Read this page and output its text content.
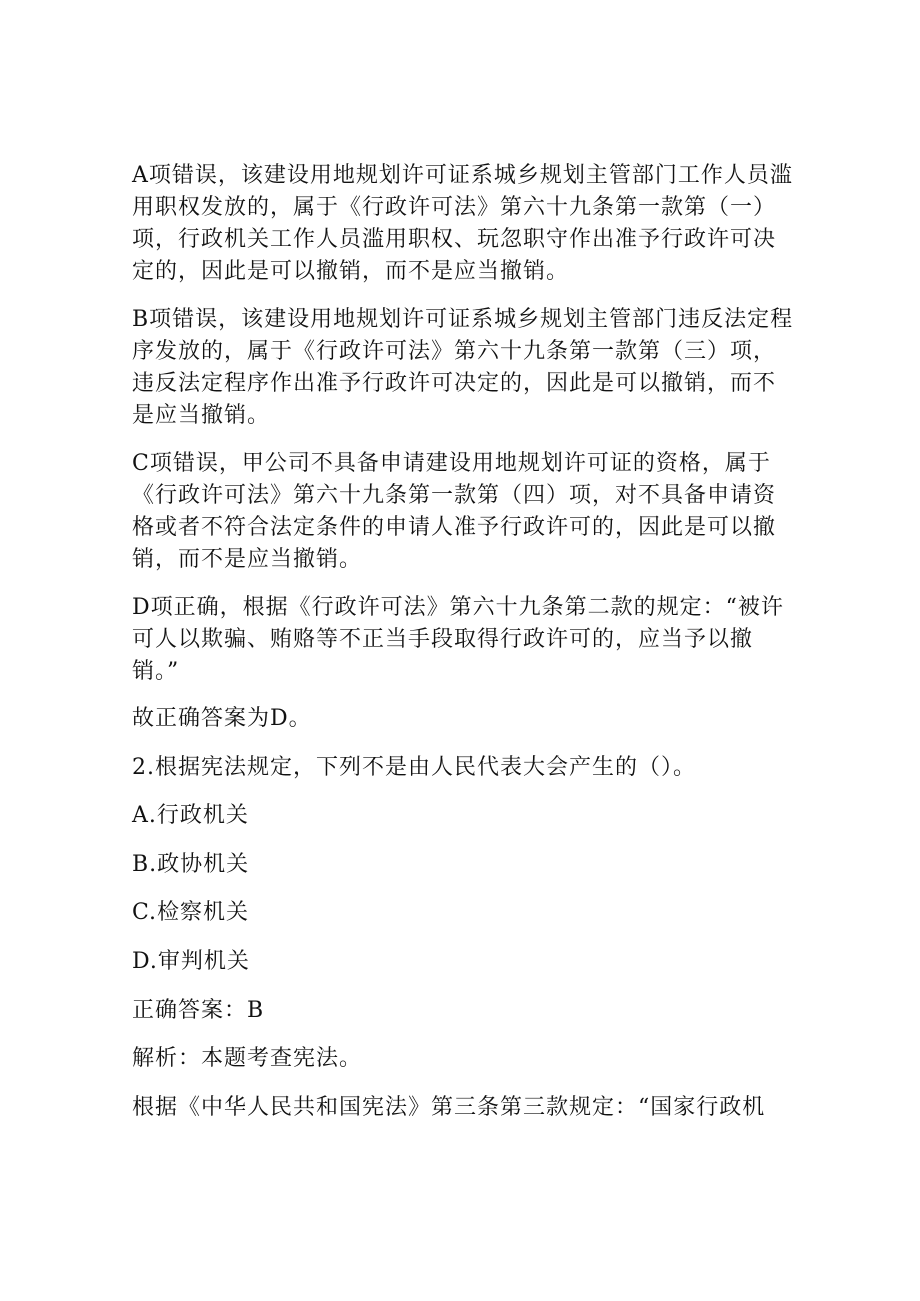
A项错误，该建设用地规划许可证系城乡规划主管部门工作人员滥
用职权发放的，属于《行政许可法》第六十九条第一款第（一）
项，行政机关工作人员滥用职权、玩忽职守作出准予行政许可决
定的，因此是可以撤销，而不是应当撤销。
B项错误，该建设用地规划许可证系城乡规划主管部门违反法定程
序发放的，属于《行政许可法》第六十九条第一款第（三）项，
违反法定程序作出准予行政许可决定的，因此是可以撤销，而不
是应当撤销。
C项错误，甲公司不具备申请建设用地规划许可证的资格，属于
《行政许可法》第六十九条第一款第（四）项，对不具备申请资
格或者不符合法定条件的申请人准予行政许可的，因此是可以撤
销，而不是应当撤销。
D项正确，根据《行政许可法》第六十九条第二款的规定：“被许
可人以欺骗、贿赂等不正当手段取得行政许可的，应当予以撤
销。”

故正确答案为D。

2.根据宪法规定，下列不是由人民代表大会产生的（）。

A.行政机关

B.政协机关

C.检察机关

D.审判机关

正确答案：B

解析：本题考查宪法。

根据《中华人民共和国宪法》第三条第三款规定：“国家行政机
